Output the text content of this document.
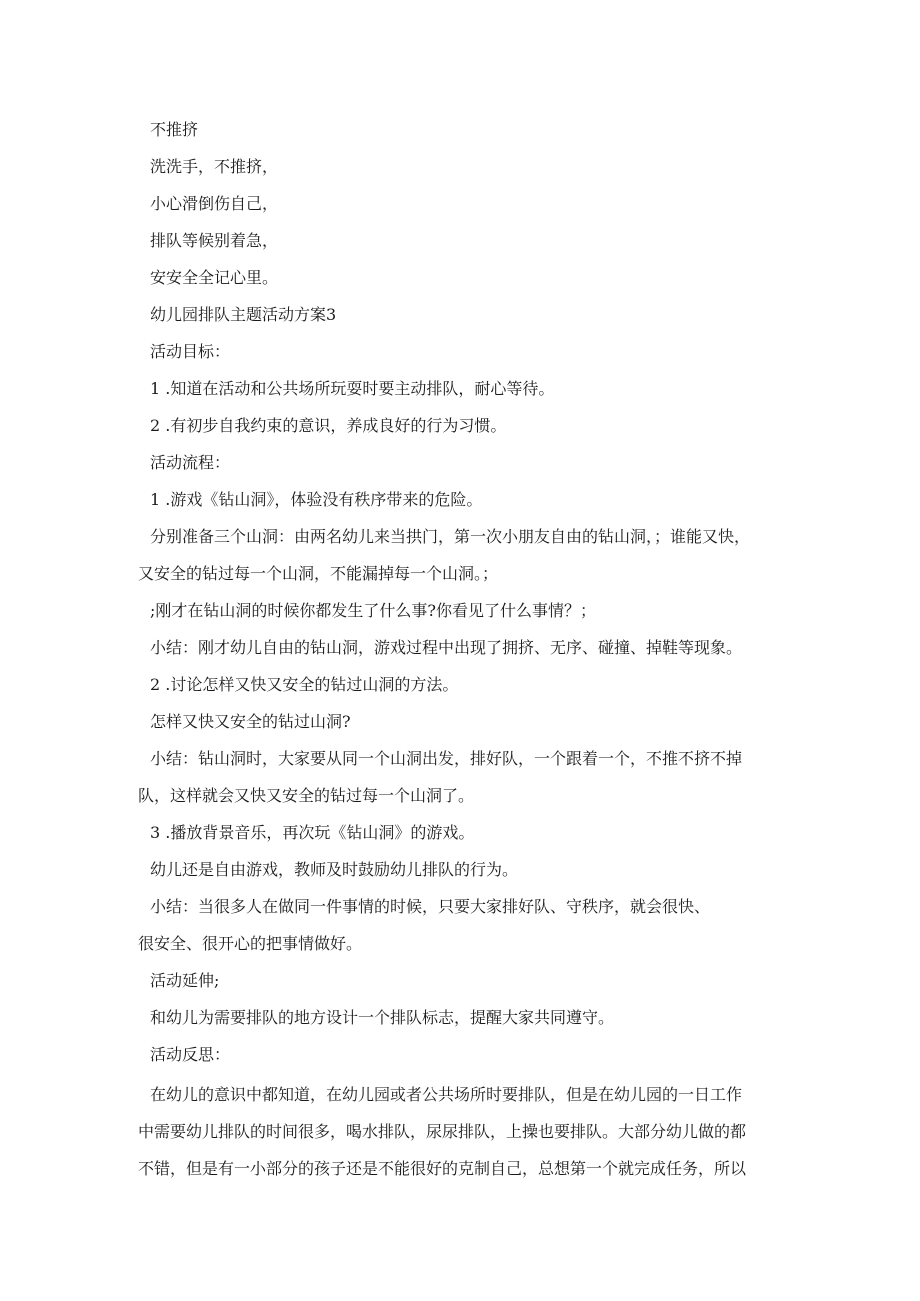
不推挤
洗洗手，不推挤，
小心滑倒伤自己，
排队等候别着急，
安安全全记心里。
幼儿园排队主题活动方案3
活动目标：
1 .知道在活动和公共场所玩耍时要主动排队，耐心等待。
2 .有初步自我约束的意识，养成良好的行为习惯。
活动流程：
1 .游戏《钻山洞》，体验没有秩序带来的危险。
分别准备三个山洞：由两名幼儿来当拱门，第一次小朋友自由的钻山洞，；谁能又快，
又安全的钻过每一个山洞，不能漏掉每一个山洞。；
;刚才在钻山洞的时候你都发生了什么事?你看见了什么事情？；
小结：刚才幼儿自由的钻山洞，游戏过程中出现了拥挤、无序、碰撞、掉鞋等现象。
2 .讨论怎样又快又安全的钻过山洞的方法。
怎样又快又安全的钻过山洞?
小结：钻山洞时，大家要从同一个山洞出发，排好队，一个跟着一个，不推不挤不掉
队，这样就会又快又安全的钻过每一个山洞了。
3 .播放背景音乐，再次玩《钻山洞》的游戏。
幼儿还是自由游戏，教师及时鼓励幼儿排队的行为。
小结：当很多人在做同一件事情的时候，只要大家排好队、守秩序，就会很快、
很安全、很开心的把事情做好。
活动延伸;
和幼儿为需要排队的地方设计一个排队标志，提醒大家共同遵守。
活动反思：
在幼儿的意识中都知道，在幼儿园或者公共场所时要排队，但是在幼儿园的一日工作
中需要幼儿排队的时间很多，喝水排队，尿尿排队，上操也要排队。大部分幼儿做的都
不错，但是有一小部分的孩子还是不能很好的克制自己，总想第一个就完成任务，所以
